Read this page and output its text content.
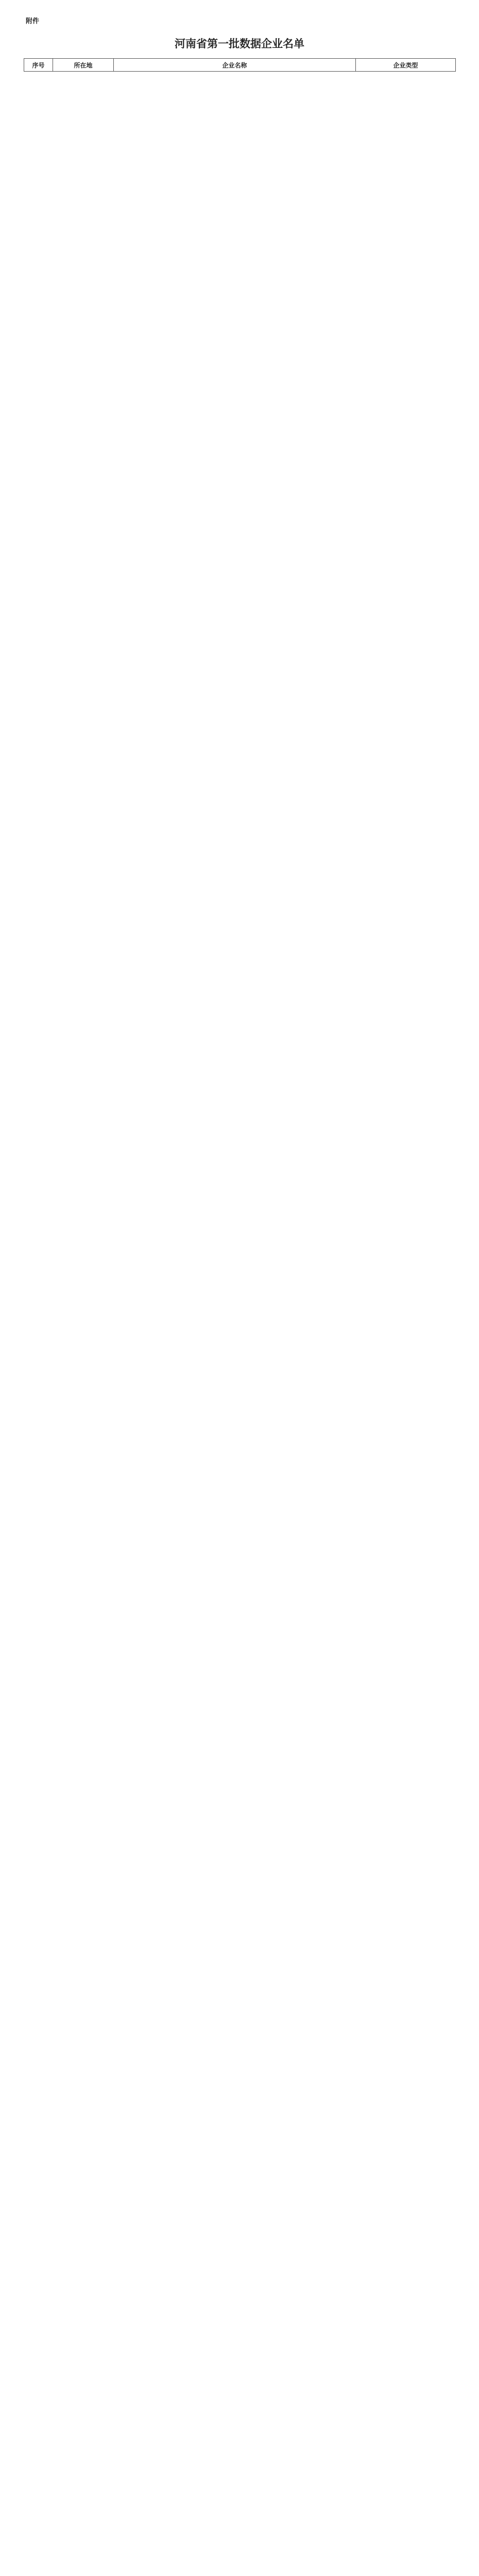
附件
河南省第一批数据企业名单
序号	所在地	企业名称	企业类型
